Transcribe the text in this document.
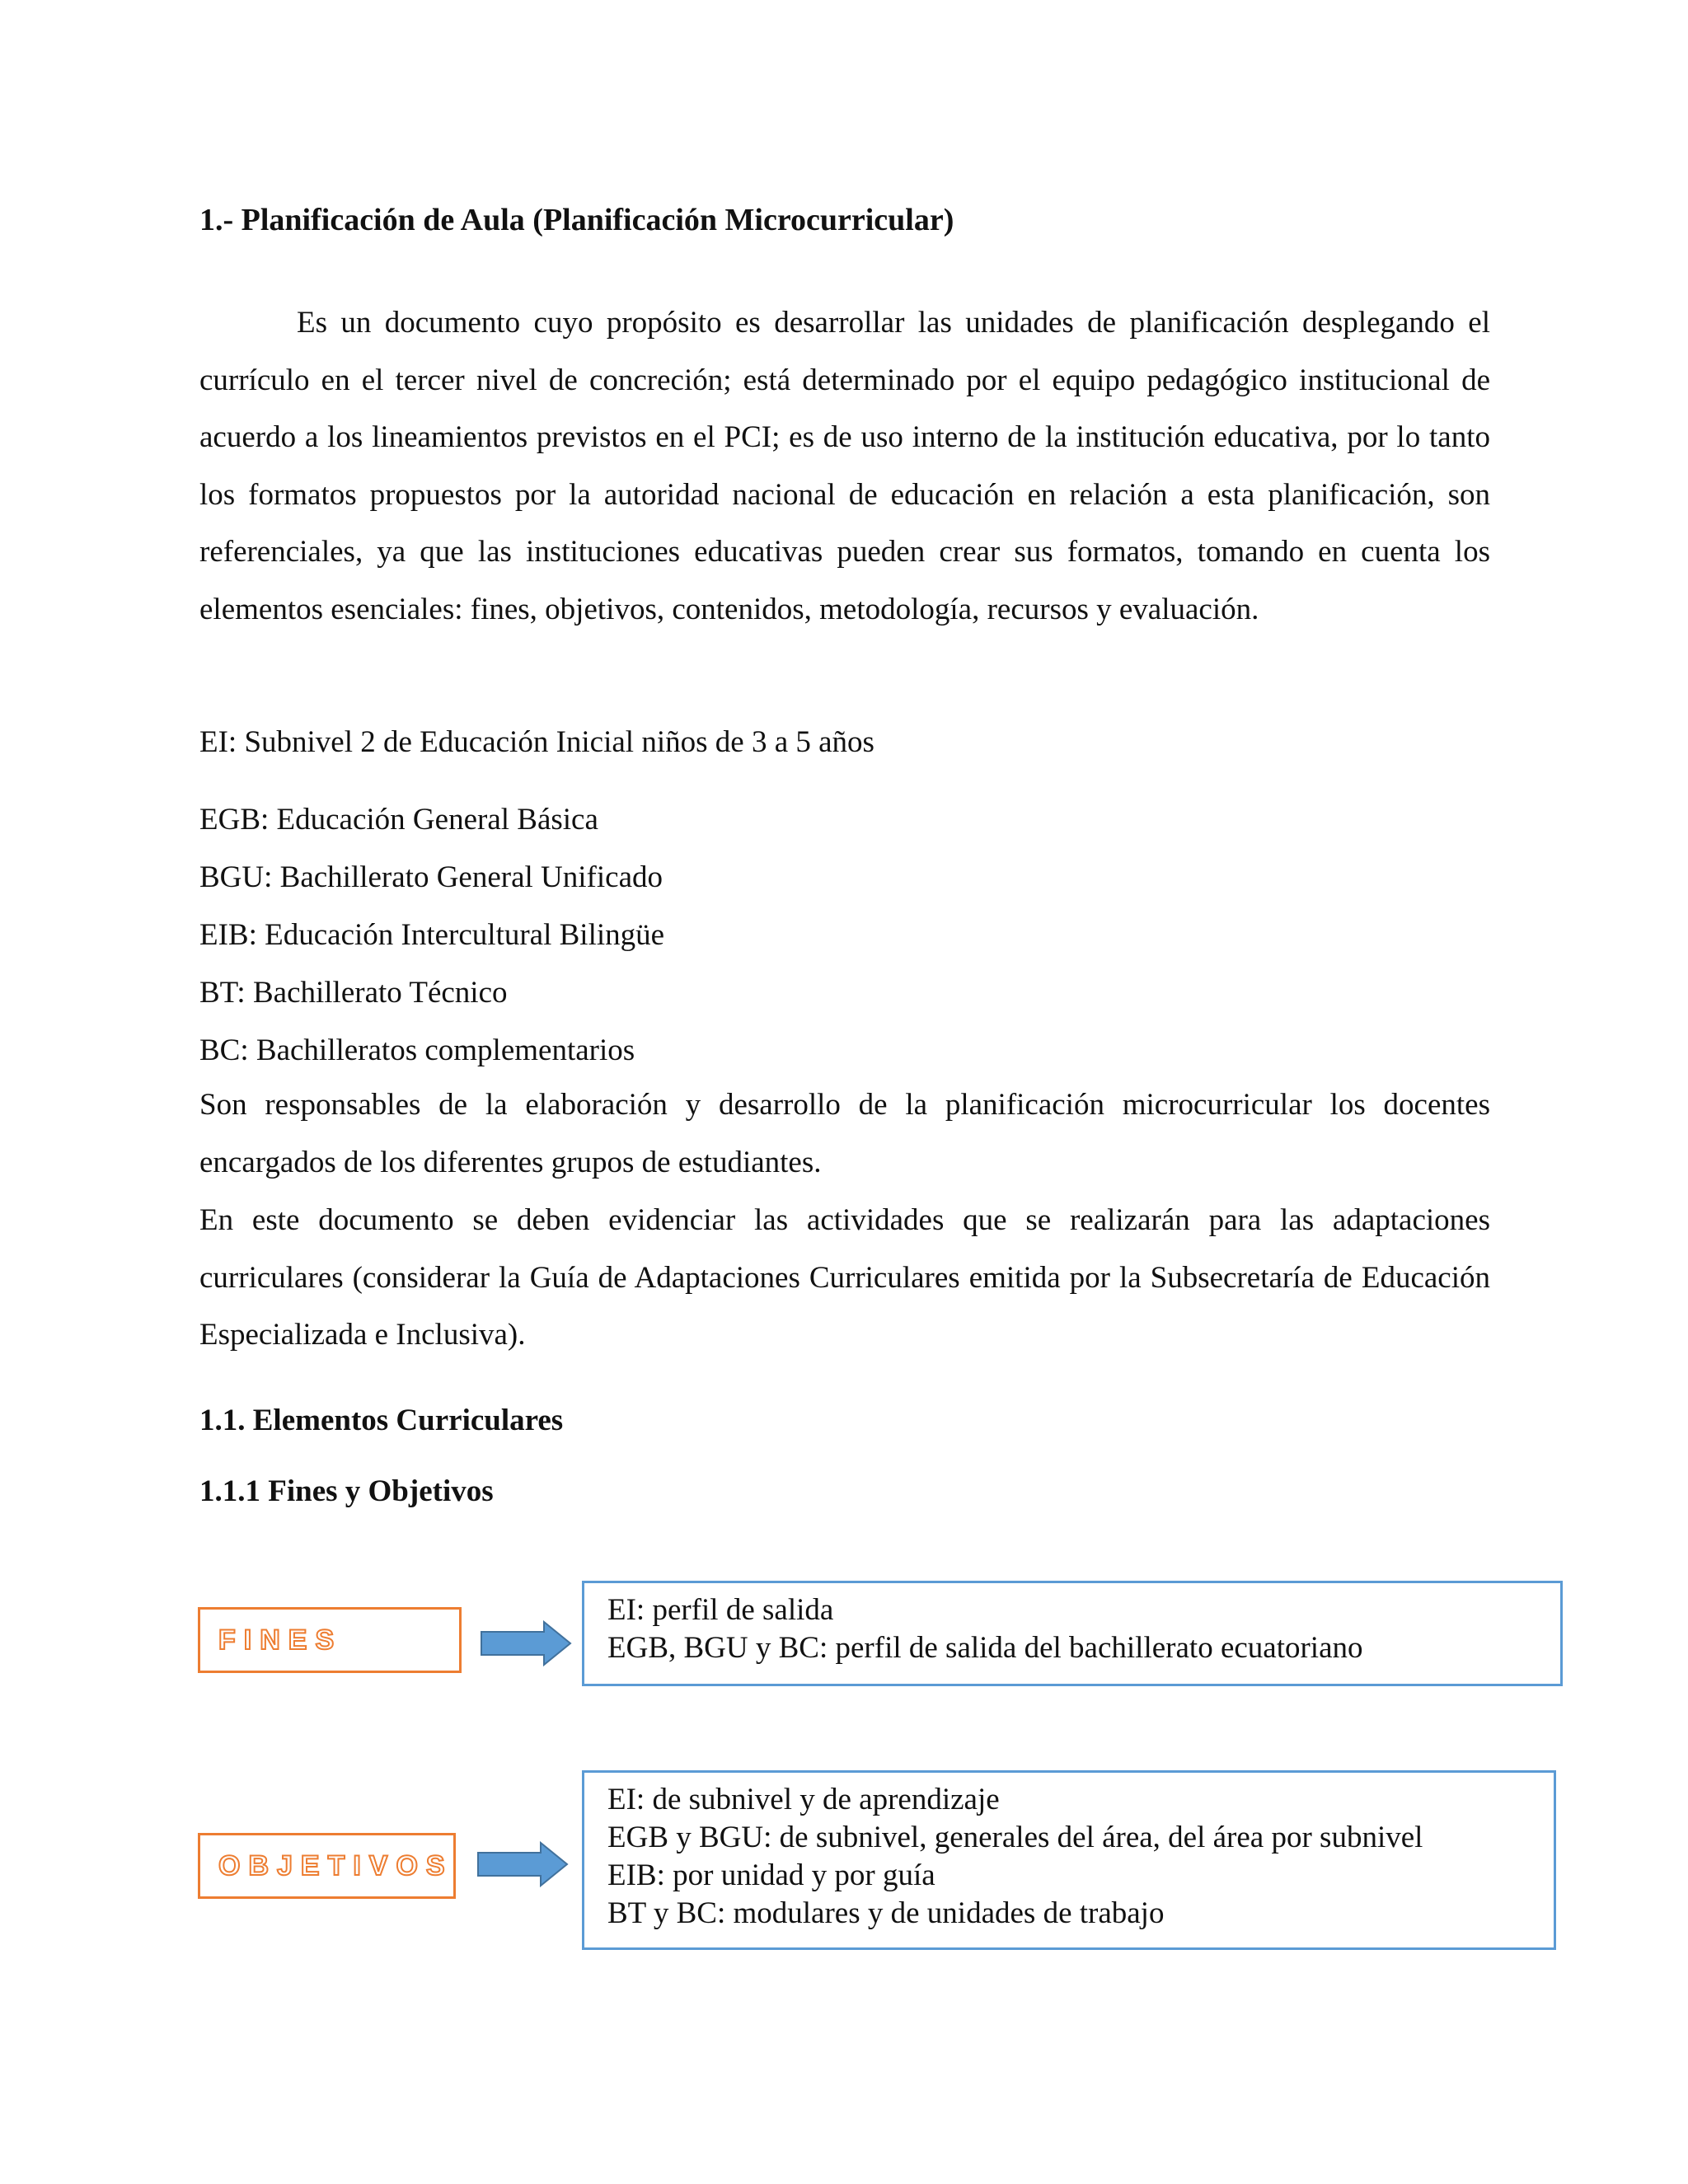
1.- Planificación de Aula (Planificación Microcurricular)
Es un documento cuyo propósito es desarrollar las unidades de planificación desplegando el currículo en el tercer nivel de concreción; está determinado por el equipo pedagógico institucional de acuerdo a los lineamientos previstos en el PCI; es de uso interno de la institución educativa, por lo tanto los formatos propuestos por la autoridad nacional de educación en relación a esta planificación, son referenciales, ya que las instituciones educativas pueden crear sus formatos, tomando en cuenta los elementos esenciales: fines, objetivos, contenidos, metodología, recursos y evaluación.
EI: Subnivel 2 de Educación Inicial niños de 3 a 5 años
EGB: Educación General Básica
BGU: Bachillerato General Unificado
EIB: Educación Intercultural Bilingüe
BT: Bachillerato Técnico
BC: Bachilleratos complementarios
Son responsables de la elaboración y desarrollo de la planificación microcurricular los docentes encargados de los diferentes grupos de estudiantes.
En este documento se deben evidenciar las actividades que se realizarán para las adaptaciones curriculares (considerar la Guía de Adaptaciones Curriculares emitida por la Subsecretaría de Educación Especializada e Inclusiva).
1.1. Elementos Curriculares
1.1.1 Fines y Objetivos
FINES
EI: perfil de salida
EGB, BGU y BC: perfil de salida del bachillerato ecuatoriano
OBJETIVOS
EI: de subnivel y de aprendizaje
EGB y BGU: de subnivel, generales del área, del área por subnivel
EIB: por unidad y por guía
BT y BC: modulares y de unidades de trabajo
